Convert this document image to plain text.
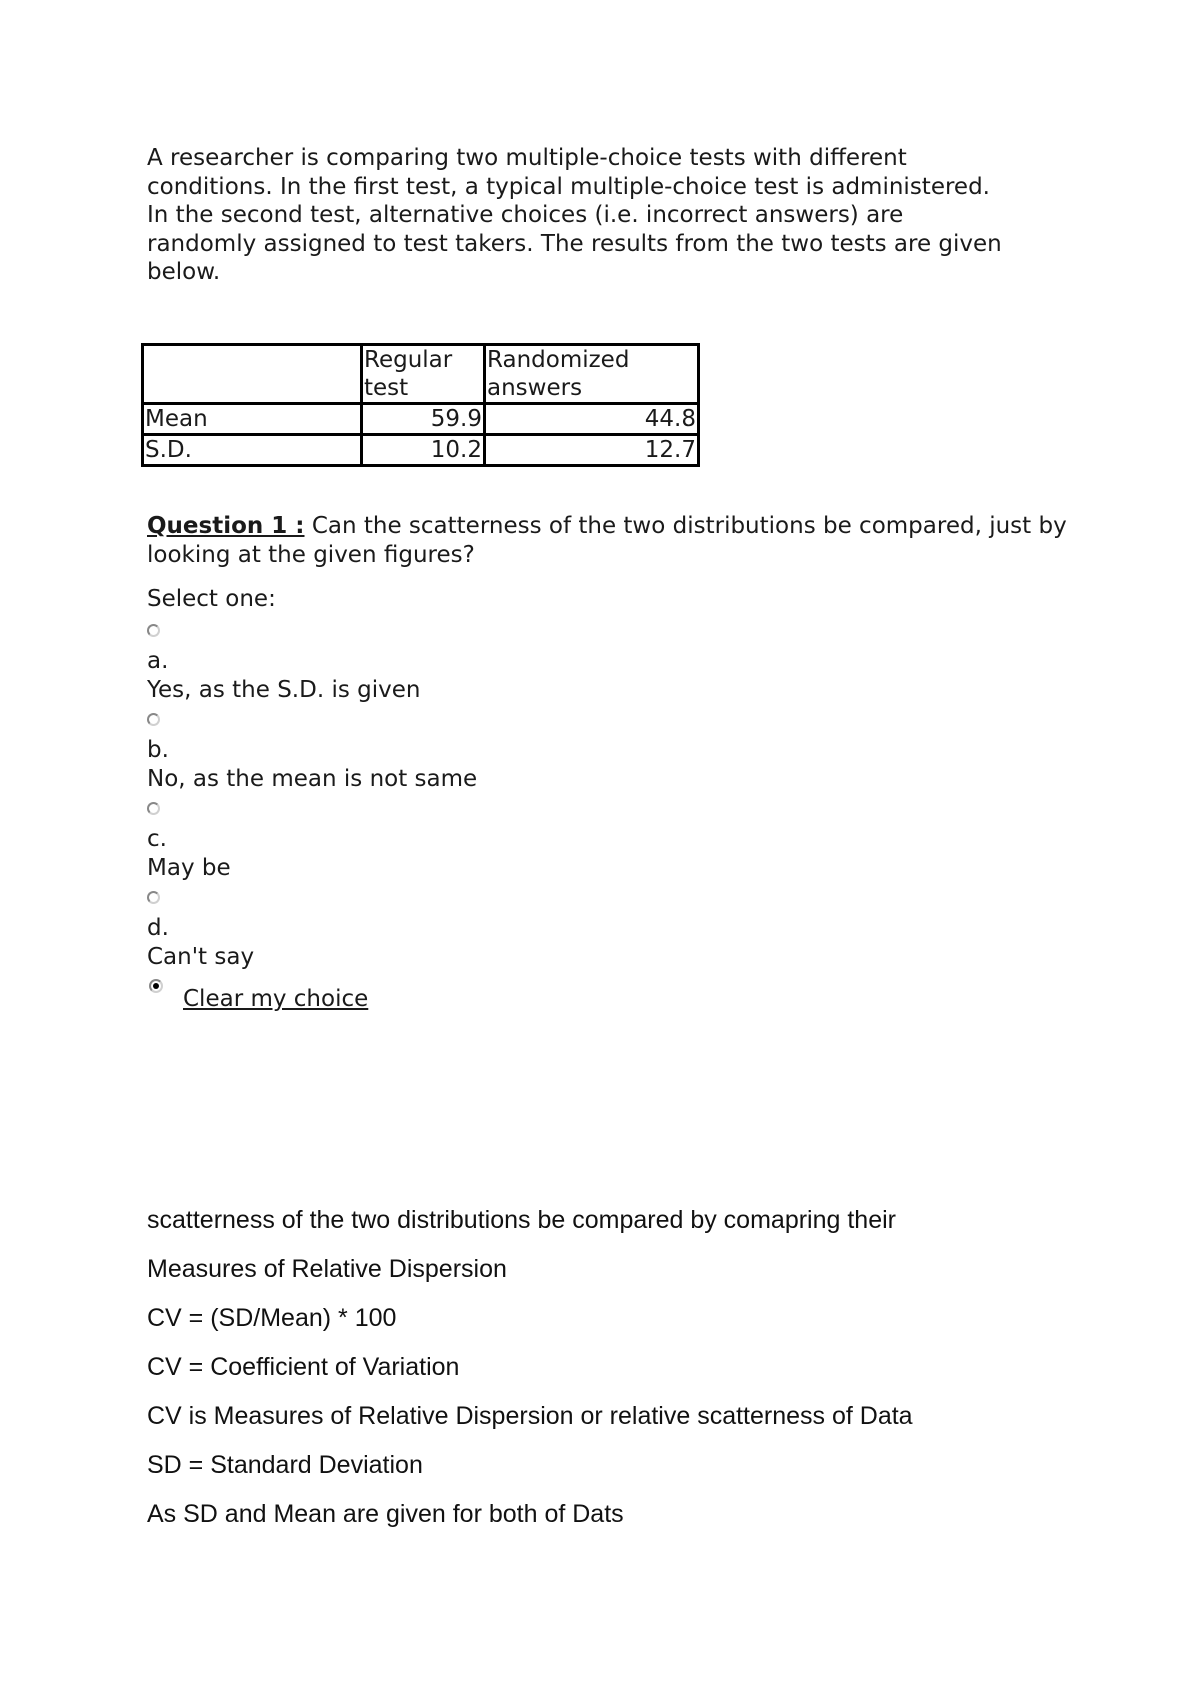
A researcher is comparing two multiple-choice tests with different
conditions. In the first test, a typical multiple-choice test is administered.
In the second test, alternative choices (i.e. incorrect answers) are
randomly assigned to test takers. The results from the two tests are given
below.

	Regular test	Randomized answers
Mean	59.9	44.8
S.D.	10.2	12.7

Question 1 : Can the scatterness of the two distributions be compared, just by looking at the given figures?

Select one:
a.
Yes, as the S.D. is given
b.
No, as the mean is not same
c.
May be
d.
Can't say
Clear my choice
scatterness of the two distributions be compared by comapring their
Measures of Relative Dispersion
CV = (SD/Mean) * 100
CV = Coefficient of Variation
CV is Measures of Relative Dispersion or relative scatterness of Data
SD = Standard Deviation
As SD and Mean are given for both of Dats
